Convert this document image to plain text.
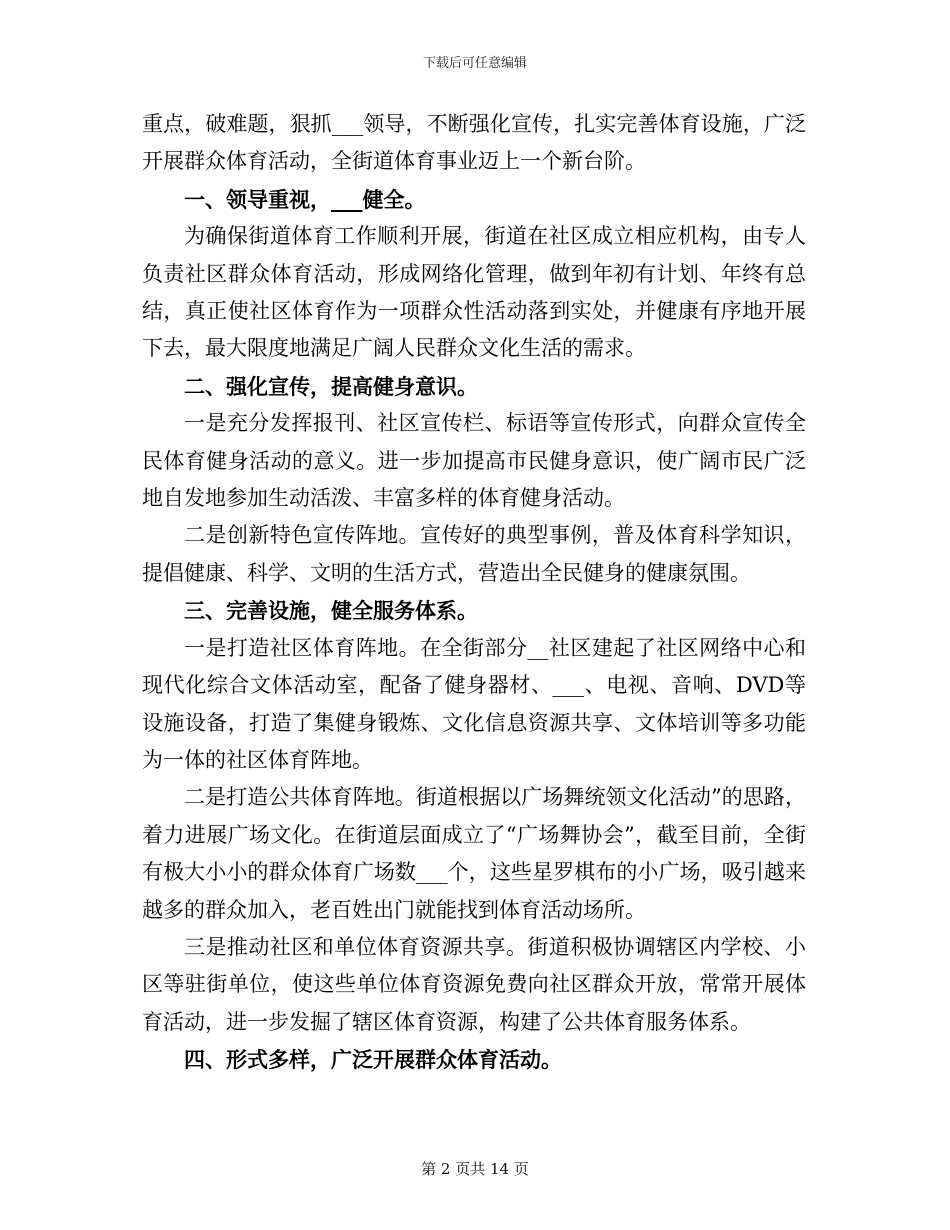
下载后可任意编辑

重点，破难题，狠抓___领导，不断强化宣传，扎实完善体育设施，广泛开展群众体育活动，全街道体育事业迈上一个新台阶。

一、领导重视，___健全。

为确保街道体育工作顺利开展，街道在社区成立相应机构，由专人负责社区群众体育活动，形成网络化管理，做到年初有计划、年终有总结，真正使社区体育作为一项群众性活动落到实处，并健康有序地开展下去，最大限度地满足广阔人民群众文化生活的需求。

二、强化宣传，提高健身意识。

一是充分发挥报刊、社区宣传栏、标语等宣传形式，向群众宣传全民体育健身活动的意义。进一步加提高市民健身意识，使广阔市民广泛地自发地参加生动活泼、丰富多样的体育健身活动。

二是创新特色宣传阵地。宣传好的典型事例，普及体育科学知识，提倡健康、科学、文明的生活方式，营造出全民健身的健康氛围。

三、完善设施，健全服务体系。

一是打造社区体育阵地。在全街部分__社区建起了社区网络中心和现代化综合文体活动室，配备了健身器材、___、电视、音响、DVD等设施设备，打造了集健身锻炼、文化信息资源共享、文体培训等多功能为一体的社区体育阵地。

二是打造公共体育阵地。街道根据以广场舞统领文化活动”的思路，着力进展广场文化。在街道层面成立了“广场舞协会”，截至目前，全街有极大小小的群众体育广场数___个，这些星罗棋布的小广场，吸引越来越多的群众加入，老百姓出门就能找到体育活动场所。

三是推动社区和单位体育资源共享。街道积极协调辖区内学校、小区等驻街单位，使这些单位体育资源免费向社区群众开放，常常开展体育活动，进一步发掘了辖区体育资源，构建了公共体育服务体系。

四、形式多样，广泛开展群众体育活动。

第 2 页共 14 页
